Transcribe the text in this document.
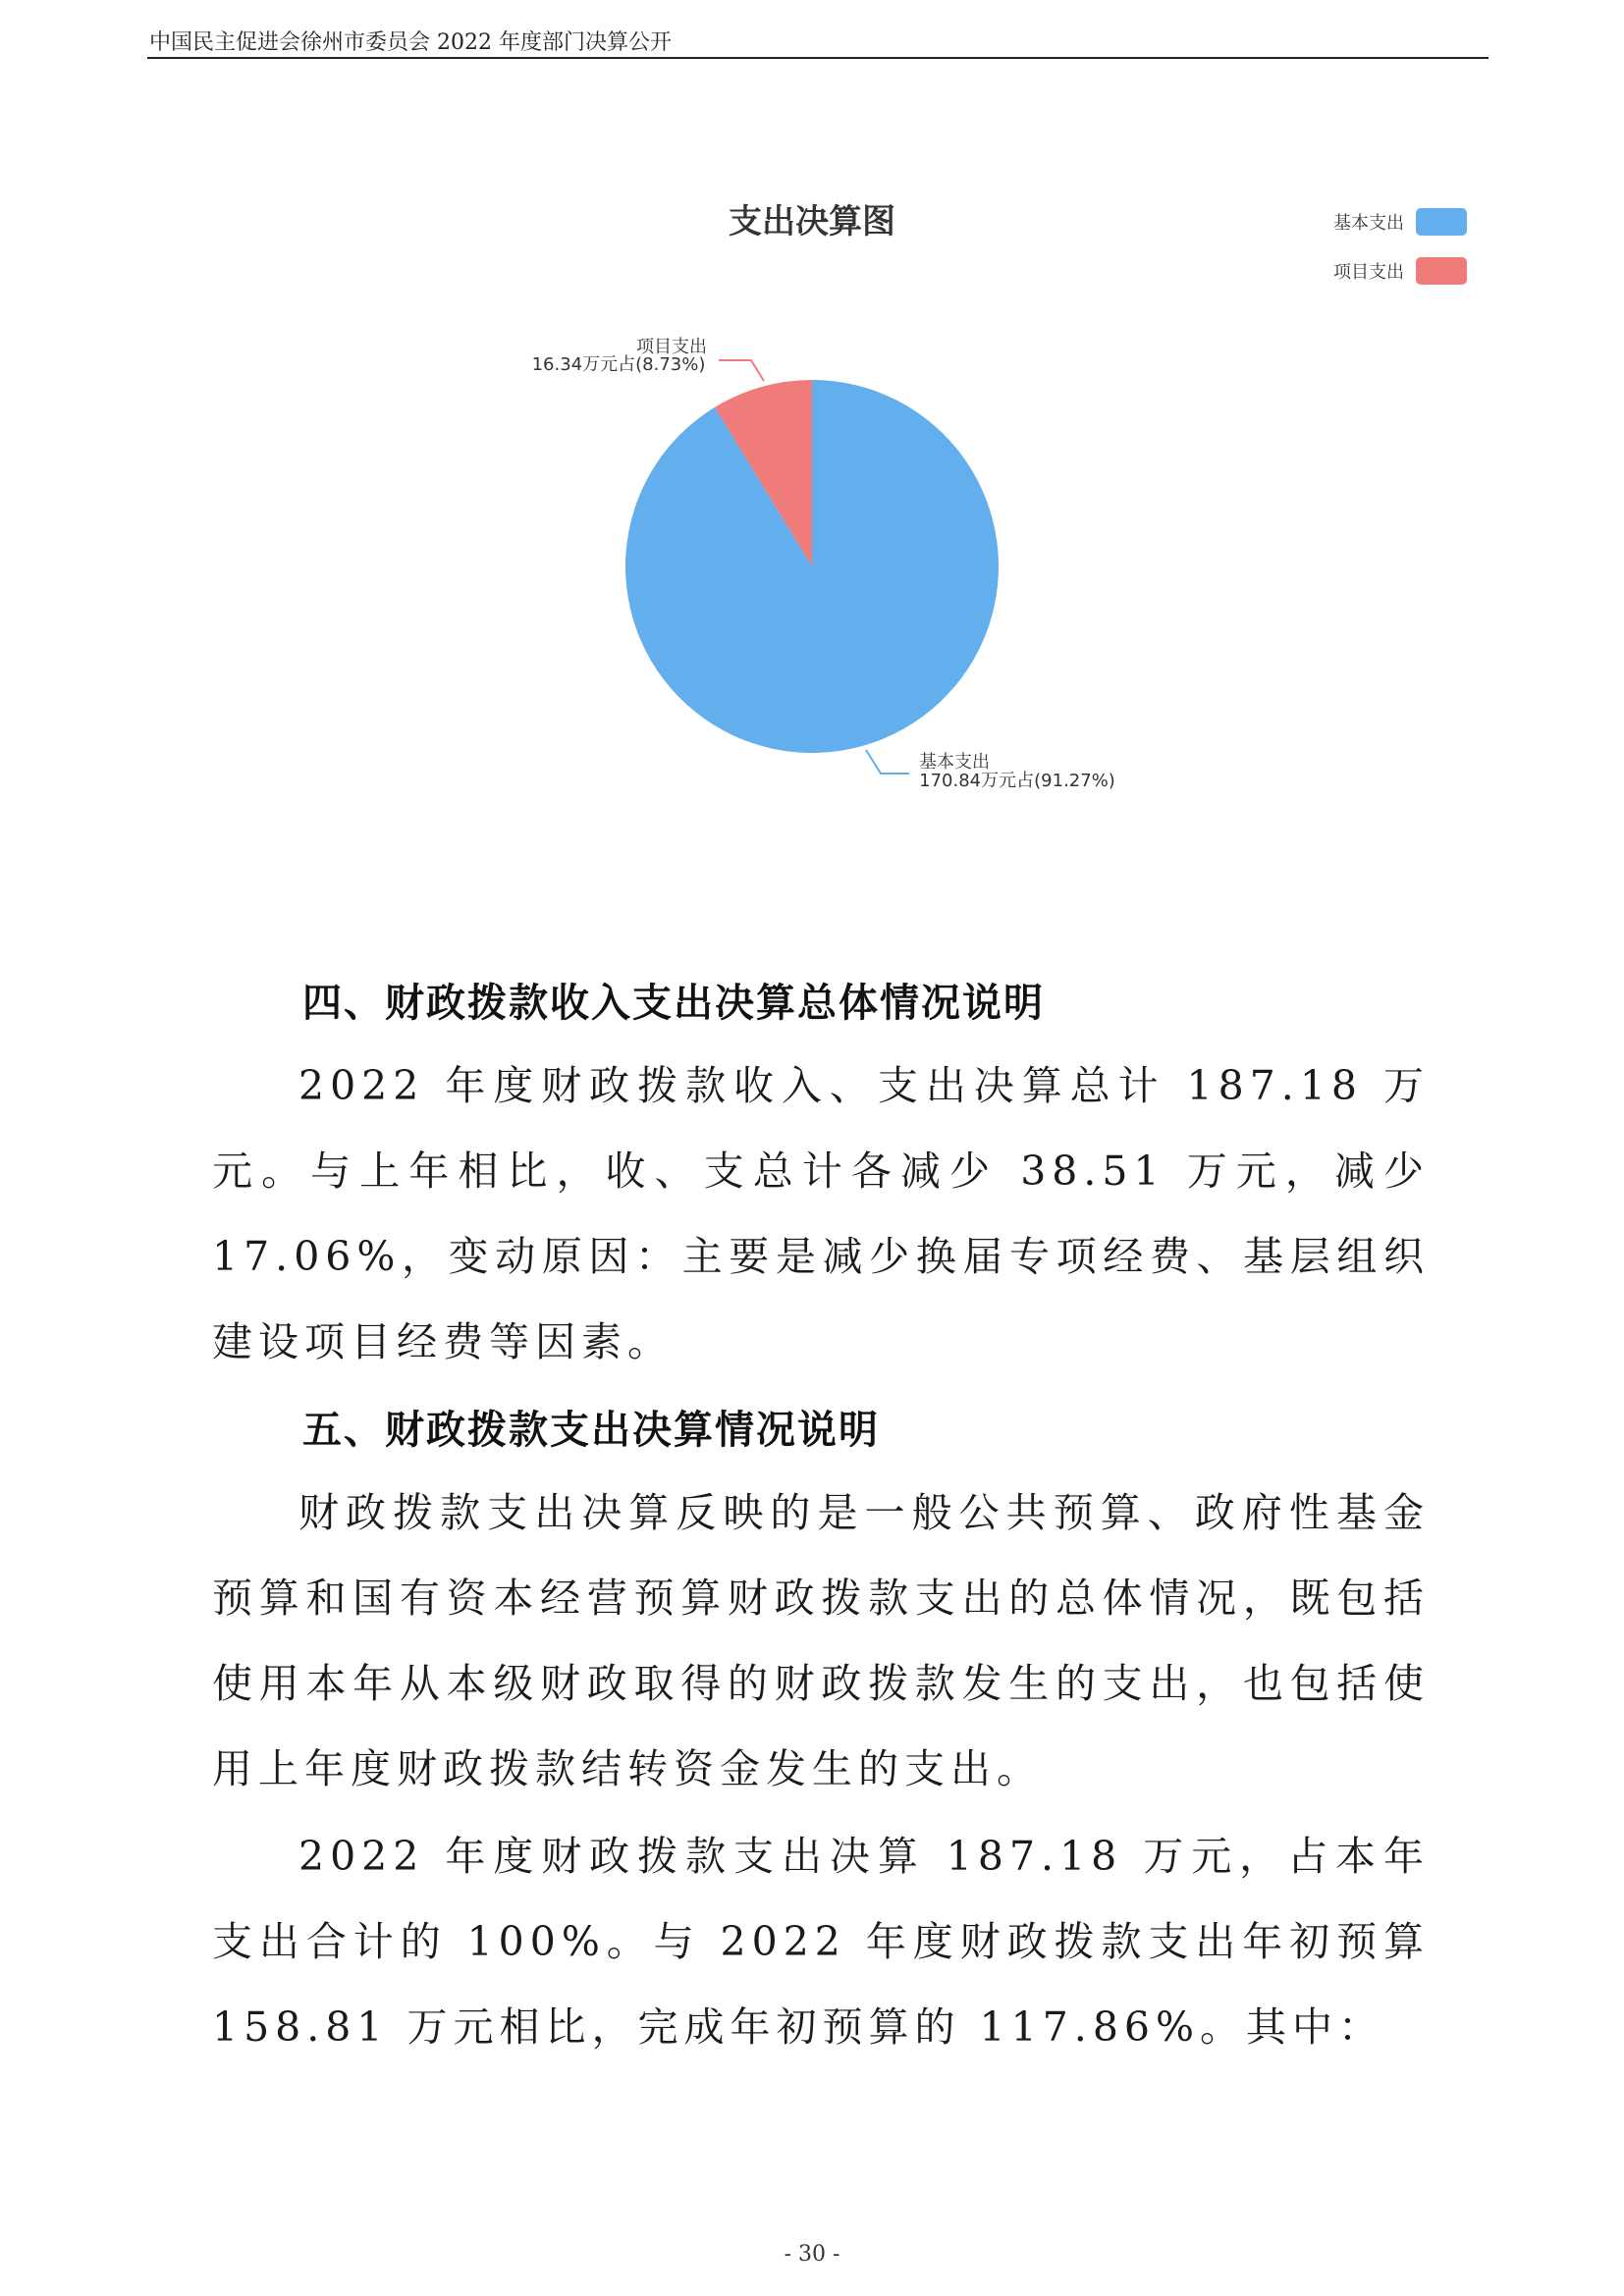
中国民主促进会徐州市委员会 2022 年度部门决算公开
支出决算图	基本支出
项目支出
项目支出
16.34万元占(8.73%)
基本支出
170.84万元占(91.27%)
四、财政拨款收入支出决算总体情况说明

2022 年度财政拨款收入、支出决算总计 187.18 万元。与上年相比，收、支总计各减少 38.51 万元，减少 17.06%，变动原因：主要是减少换届专项经费、基层组织建设项目经费等因素。

五、财政拨款支出决算情况说明

财政拨款支出决算反映的是一般公共预算、政府性基金预算和国有资本经营预算财政拨款支出的总体情况，既包括使用本年从本级财政取得的财政拨款发生的支出，也包括使用上年度财政拨款结转资金发生的支出。

2022 年度财政拨款支出决算 187.18 万元，占本年支出合计的 100%。与 2022 年度财政拨款支出年初预算 158.81 万元相比，完成年初预算的 117.86%。其中：

- 30 -
